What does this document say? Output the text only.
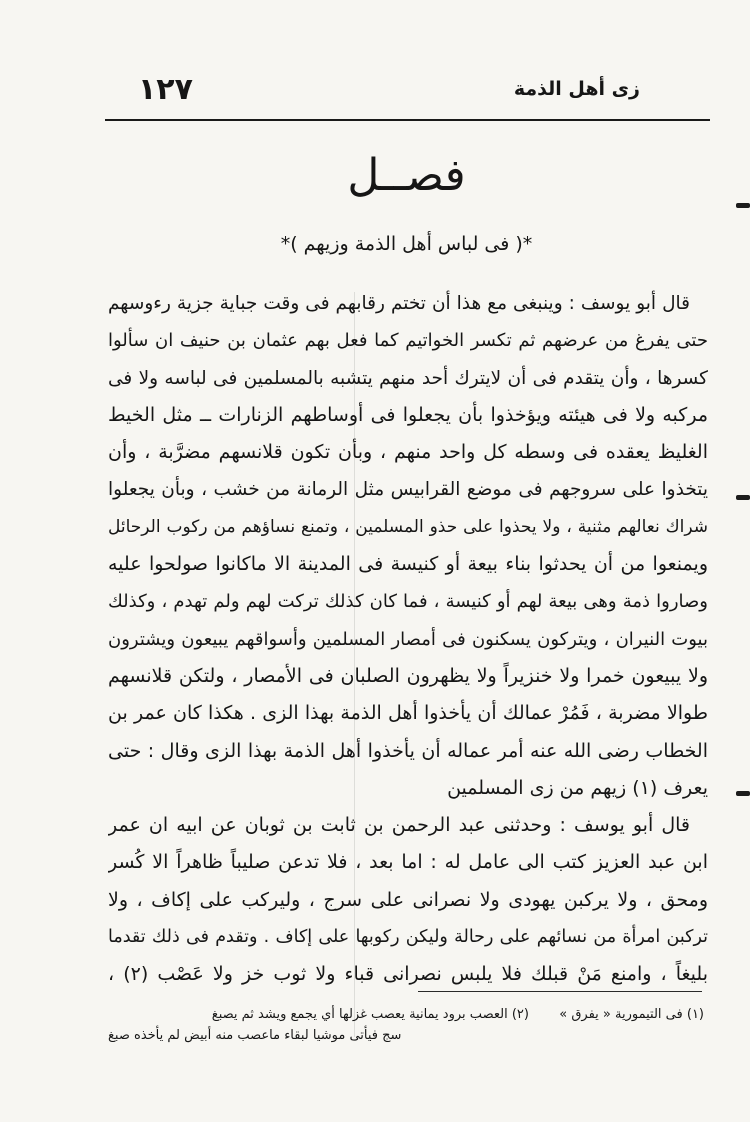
زى أهل الذمة
١٢٧
فصــل
*( فى لباس أهل الذمة وزيهم )*
قال أبو يوسف : وينبغى مع هذا أن تختم رقابهم فى وقت جباية جزية رءوسهم
حتى يفرغ من عرضهم ثم تكسر الخواتيم كما فعل بهم عثمان بن حنيف ان سألوا
كسرها ، وأن يتقدم فى أن لايترك أحد منهم يتشبه بالمسلمين فى لباسه ولا فى
مركبه ولا فى هيئته ويؤخذوا بأن يجعلوا فى أوساطهم الزنارات ــ مثل الخيط
الغليظ يعقده فى وسطه كل واحد منهم ، وبأن تكون قلانسهم مضرَّبة ، وأن
يتخذوا على سروجهم فى موضع القرابيس مثل الرمانة من خشب ، وبأن يجعلوا
شراك نعالهم مثنية ، ولا يحذوا على حذو المسلمين ، وتمنع نساؤهم من ركوب الرحائل
ويمنعوا من أن يحدثوا بناء بيعة أو كنيسة فى المدينة الا ماكانوا صولحوا عليه
وصاروا ذمة وهى بيعة لهم أو كنيسة ، فما كان كذلك تركت لهم ولم تهدم ، وكذلك
بيوت النيران ، ويتركون يسكنون فى أمصار المسلمين وأسواقهم يبيعون ويشترون
ولا يبيعون خمرا ولا خنزيراً ولا يظهرون الصلبان فى الأمصار ، ولتكن قلانسهم
طوالا مضربة ، فَمُرْ عمالك أن يأخذوا أهل الذمة بهذا الزى . هكذا كان عمر بن
الخطاب رضى الله عنه أمر عماله أن يأخذوا أهل الذمة بهذا الزى وقال : حتى
يعرف (١) زيهم من زى المسلمين
قال أبو يوسف : وحدثنى عبد الرحمن بن ثابت بن ثوبان عن ابيه ان عمر
ابن عبد العزيز كتب الى عامل له : اما بعد ، فلا تدعن صليباً ظاهراً الا كُسر
ومحق ، ولا يركبن يهودى ولا نصرانى على سرج ، وليركب على إكاف ، ولا
تركبن امرأة من نسائهم على رحالة وليكن ركوبها على إكاف . وتقدم فى ذلك تقدما
بليغاً ، وامنع مَنْ قبلك فلا يلبس نصرانى قباء ولا ثوب خز ولا عَصْب (٢) ،
(١) فى التيمورية « يفرق »  (٢) العصب برود يمانية يعصب غزلها أي يجمع ويشد ثم يصبغ
سج فيأتى موشيا لبقاء ماعصب منه أبيض لم يأخذه صبغ
